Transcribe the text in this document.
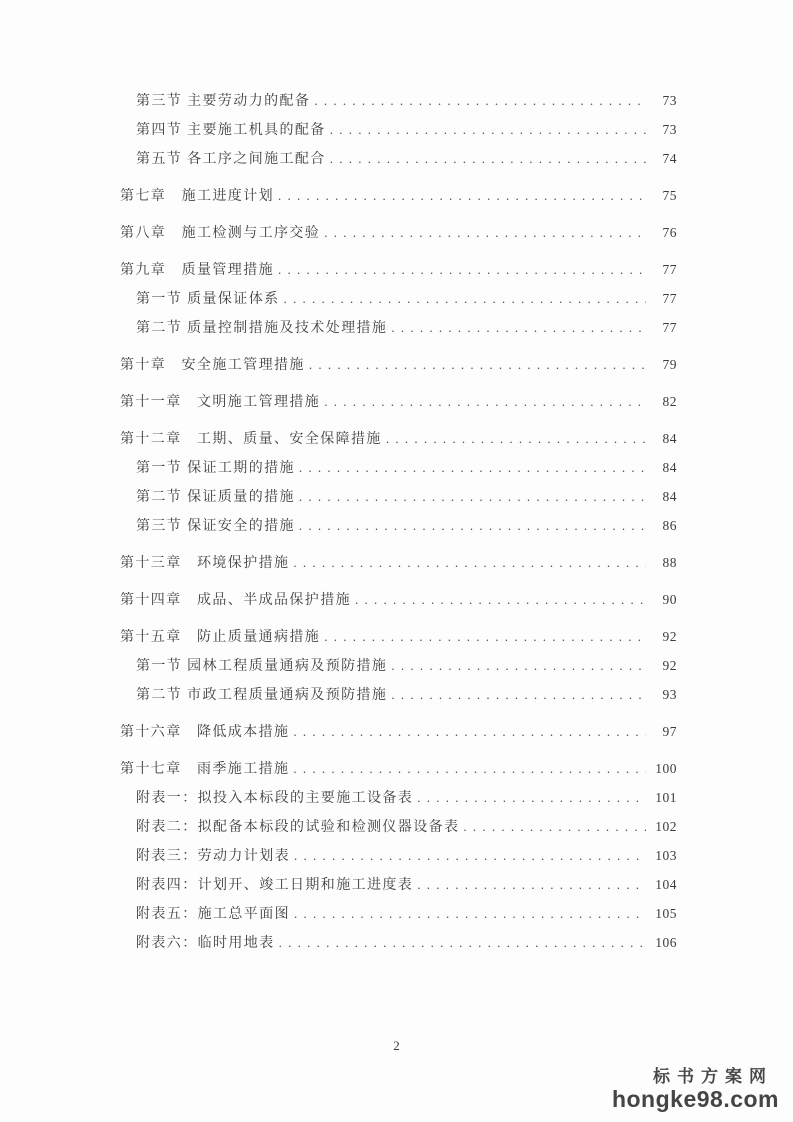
第三节 主要劳动力的配备 . . .	73
第四节 主要施工机具的配备 . . .	73
第五节 各工序之间施工配合 . . .	74
第七章　施工进度计划 . . .	75
第八章　施工检测与工序交验 . . .	76
第九章　质量管理措施 . . .	77
第一节 质量保证体系 . . .	77
第二节 质量控制措施及技术处理措施 . . .	77
第十章　安全施工管理措施 . . .	79
第十一章　文明施工管理措施 . . .	82
第十二章　工期、质量、安全保障措施 . . .	84
第一节 保证工期的措施 . . .	84
第二节 保证质量的措施 . . .	84
第三节 保证安全的措施 . . .	86
第十三章　环境保护措施 . . .	88
第十四章　成品、半成品保护措施 . . .	90
第十五章　防止质量通病措施 . . .	92
第一节 园林工程质量通病及预防措施 . . .	92
第二节 市政工程质量通病及预防措施 . . .	93
第十六章　降低成本措施 . . .	97
第十七章　雨季施工措施 . . .	100
附表一：拟投入本标段的主要施工设备表 . . .	101
附表二：拟配备本标段的试验和检测仪器设备表 . . .	102
附表三：劳动力计划表 . . .	103
附表四：计划开、竣工日期和施工进度表 . . .	104
附表五：施工总平面图 . . .	105
附表六：临时用地表 . . .	106
2
标书方案网
hongke98.com
